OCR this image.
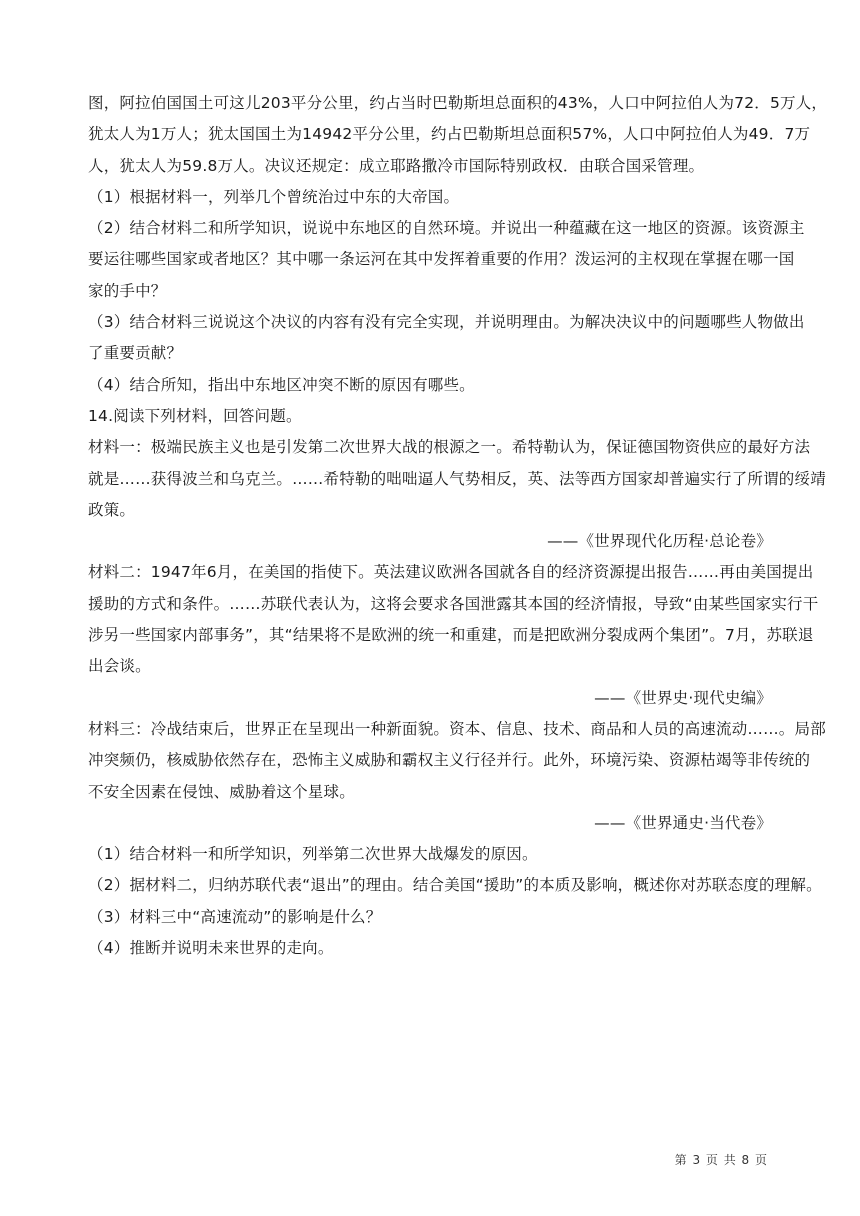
图，阿拉伯国国土可这儿203平分公里，约占当时巴勒斯坦总面积的43%，人口中阿拉伯人为72．5万人，
犹太人为1万人；犹太国国土为14942平分公里，约占巴勒斯坦总面积57%，人口中阿拉伯人为49．7万
人，犹太人为59.8万人。决议还规定：成立耶路撒冷市国际特别政权．由联合国采管理。
（1）根据材料一，列举几个曾统治过中东的大帝国。
（2）结合材料二和所学知识，说说中东地区的自然环境。并说出一种蕴藏在这一地区的资源。该资源主
要运往哪些国家或者地区？其中哪一条运河在其中发挥着重要的作用？泼运河的主权现在掌握在哪一国
家的手中？
（3）结合材料三说说这个决议的内容有没有完全实现，并说明理由。为解决决议中的问题哪些人物做出
了重要贡献？
（4）结合所知，指出中东地区冲突不断的原因有哪些。
14.阅读下列材料，回答问题。
材料一：极端民族主义也是引发第二次世界大战的根源之一。希特勒认为，保证德国物资供应的最好方法
就是……获得波兰和乌克兰。……希特勒的咄咄逼人气势相反，英、法等西方国家却普遍实行了所谓的绥靖
政策。
——《世界现代化历程·总论卷》
材料二：1947年6月，在美国的指使下。英法建议欧洲各国就各自的经济资源提出报告……再由美国提出
援助的方式和条件。……苏联代表认为，这将会要求各国泄露其本国的经济情报，导致“由某些国家实行干
涉另一些国家内部事务”，其“结果将不是欧洲的统一和重建，而是把欧洲分裂成两个集团”。7月，苏联退
出会谈。
——《世界史·现代史编》
材料三：冷战结束后，世界正在呈现出一种新面貌。资本、信息、技术、商品和人员的高速流动……。局部
冲突频仍，核威胁依然存在，恐怖主义威胁和霸权主义行径并行。此外，环境污染、资源枯竭等非传统的
不安全因素在侵蚀、威胁着这个星球。
——《世界通史·当代卷》
（1）结合材料一和所学知识，列举第二次世界大战爆发的原因。
（2）据材料二，归纳苏联代表“退出”的理由。结合美国“援助”的本质及影响，概述你对苏联态度的理解。
（3）材料三中“高速流动”的影响是什么？
（4）推断并说明未来世界的走向。
第 3 页 共 8 页
